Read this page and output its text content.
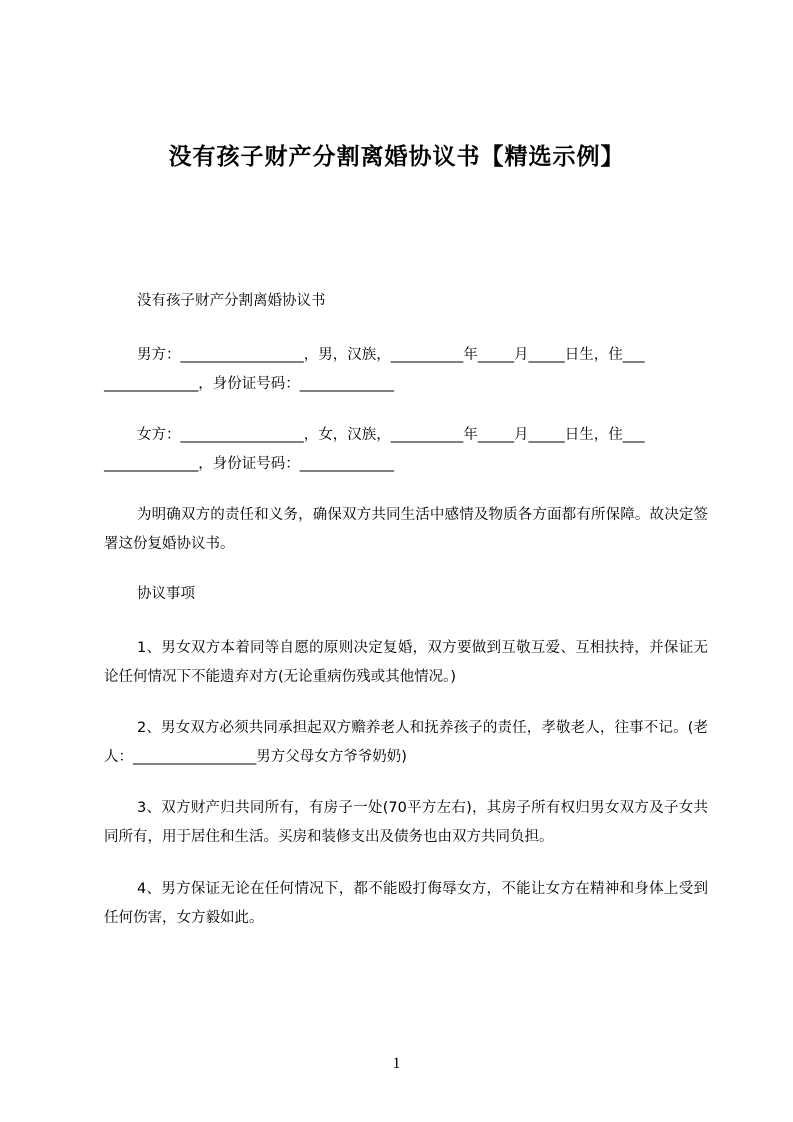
没有孩子财产分割离婚协议书【精选示例】

没有孩子财产分割离婚协议书

男方：_________________，男，汉族，__________年_____月_____日生，住___
_____________，身份证号码：_____________
女方：_________________，女，汉族，__________年_____月_____日生，住___
_____________，身份证号码：_____________

为明确双方的责任和义务，确保双方共同生活中感情及物质各方面都有所保障。故决定签署这份复婚协议书。

协议事项

1、男女双方本着同等自愿的原则决定复婚，双方要做到互敬互爱、互相扶持，并保证无论任何情况下不能遗弃对方(无论重病伤残或其他情况。)

2、男女双方必须共同承担起双方赡养老人和抚养孩子的责任，孝敬老人，往事不记。(老人：_________________男方父母女方爷爷奶奶)

3、双方财产归共同所有，有房子一处(70平方左右)，其房子所有权归男女双方及子女共同所有，用于居住和生活。买房和装修支出及债务也由双方共同负担。

4、男方保证无论在任何情况下，都不能殴打侮辱女方，不能让女方在精神和身体上受到任何伤害，女方毅如此。

1
